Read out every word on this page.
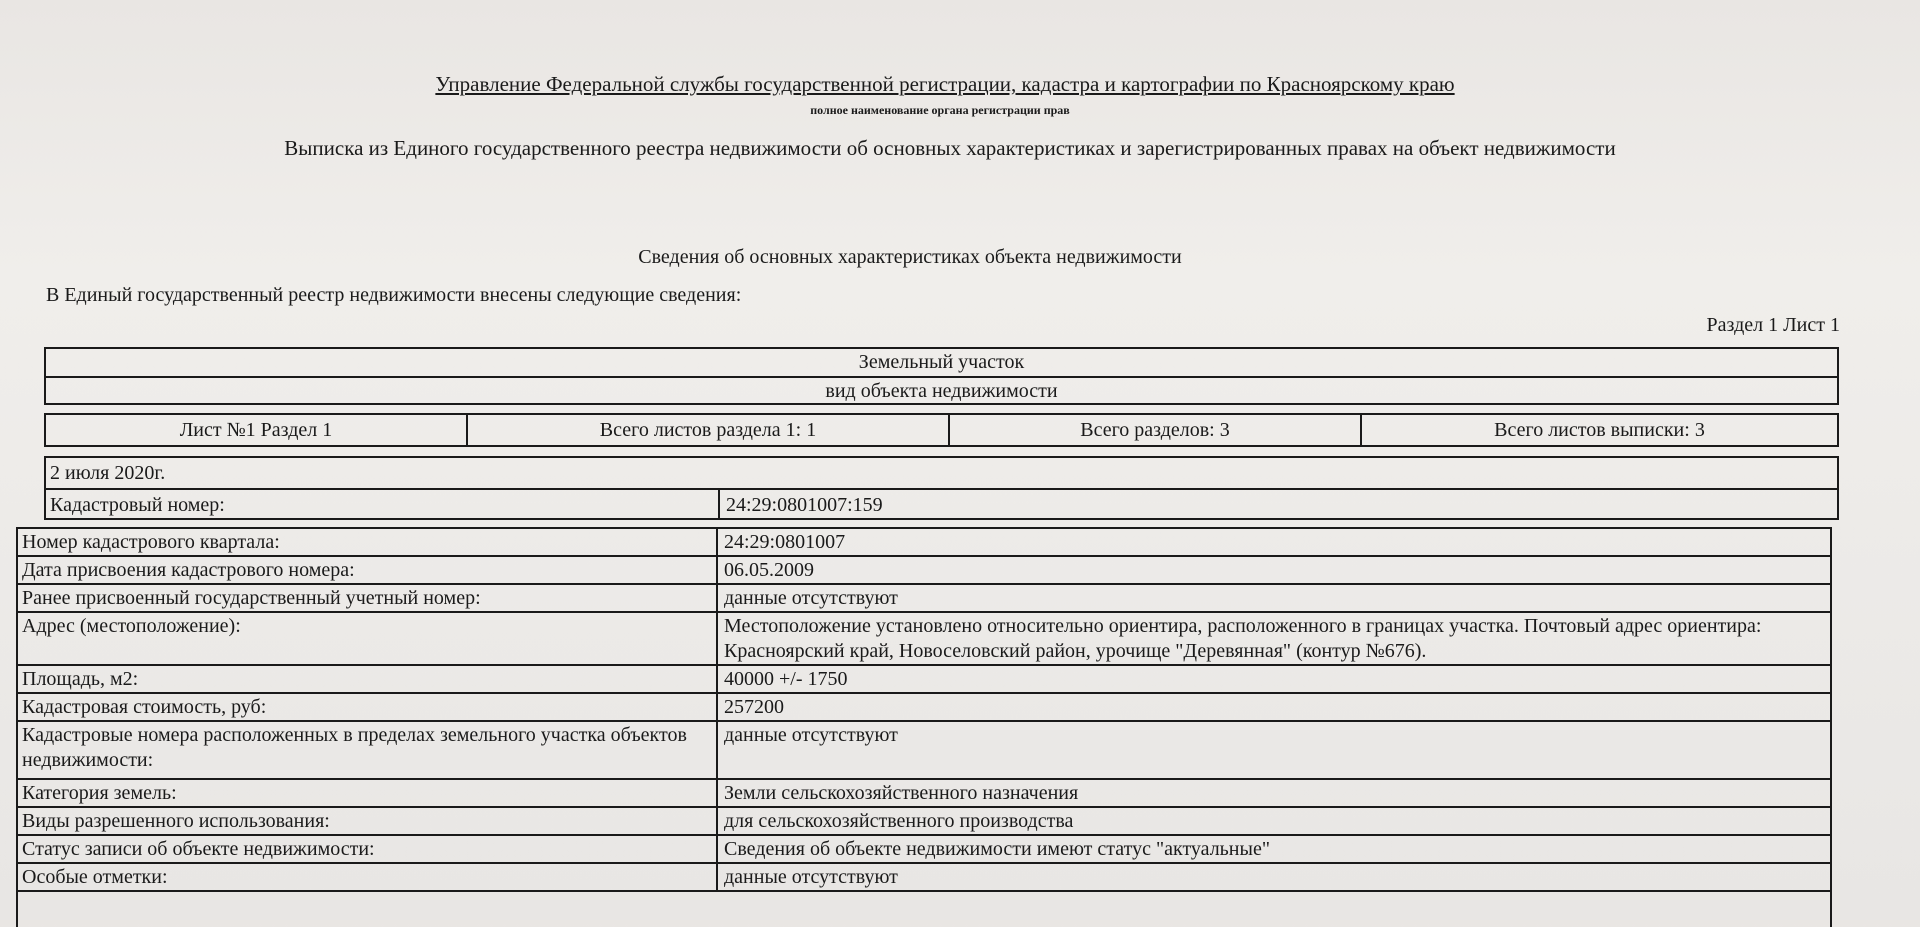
Управление Федеральной службы государственной регистрации, кадастра и картографии по Красноярскому краю
полное наименование органа регистрации прав
Выписка из Единого государственного реестра недвижимости об основных характеристиках и зарегистрированных правах на объект недвижимости
Сведения об основных характеристиках объекта недвижимости
В Единый государственный реестр недвижимости внесены следующие сведения:
Раздел 1 Лист 1
Земельный участок
вид объекта недвижимости
Лист №1 Раздел 1	Всего листов раздела 1: 1	Всего разделов: 3	Всего листов выписки: 3
2 июля 2020г.
Кадастровый номер:	24:29:0801007:159
Номер кадастрового квартала:	24:29:0801007
Дата присвоения кадастрового номера:	06.05.2009
Ранее присвоенный государственный учетный номер:	данные отсутствуют
Адрес (местоположение):	Местоположение установлено относительно ориентира, расположенного в границах участка. Почтовый адрес ориентира: Красноярский край, Новоселовский район, урочище "Деревянная" (контур №676).
Площадь, м2:	40000 +/- 1750
Кадастровая стоимость, руб:	257200
Кадастровые номера расположенных в пределах земельного участка объектов недвижимости:
данные отсутствуют
Категория земель:	Земли сельскохозяйственного назначения
Виды разрешенного использования:	для сельскохозяйственного производства
Статус записи об объекте недвижимости:	Сведения об объекте недвижимости имеют статус "актуальные"
Особые отметки:	данные отсутствуют
